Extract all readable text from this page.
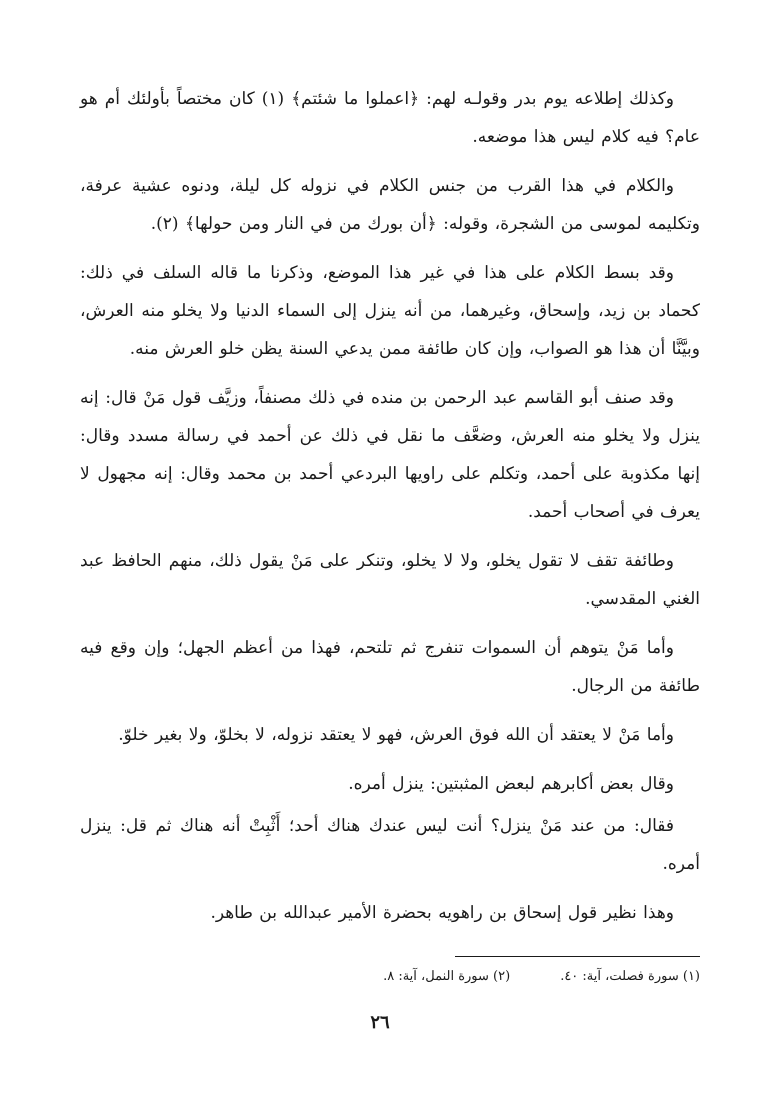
وكذلك إطلاعه يوم بدر وقولـه لهم: ﴿اعملوا ما شئتم﴾ (١) كان مختصاً بأولئك أم هو عام؟ فيه كلام ليس هذا موضعه.

والكلام في هذا القرب من جنس الكلام في نزوله كل ليلة، ودنوه عشية عرفة، وتكليمه لموسى من الشجرة، وقوله: ﴿أن بورك من في النار ومن حولها﴾ (٢).

وقد بسط الكلام على هذا في غير هذا الموضع، وذكرنا ما قاله السلف في ذلك: كحماد بن زيد، وإسحاق، وغيرهما، من أنه ينزل إلى السماء الدنيا ولا يخلو منه العرش، وبيَّنَّا أن هذا هو الصواب، وإن كان طائفة ممن يدعي السنة يظن خلو العرش منه.

وقد صنف أبو القاسم عبد الرحمن بن منده في ذلك مصنفاً، وزيَّف قول مَنْ قال: إنه ينزل ولا يخلو منه العرش، وضعَّف ما نقل في ذلك عن أحمد في رسالة مسدد وقال: إنها مكذوبة على أحمد، وتكلم على راويها البردعي أحمد بن محمد وقال: إنه مجهول لا يعرف في أصحاب أحمد.

وطائفة تقف لا تقول يخلو، ولا لا يخلو، وتنكر على مَنْ يقول ذلك، منهم الحافظ عبد الغني المقدسي.

وأما مَنْ يتوهم أن السموات تنفرج ثم تلتحم، فهذا من أعظم الجهل؛ وإن وقع فيه طائفة من الرجال.

وأما مَنْ لا يعتقد أن الله فوق العرش، فهو لا يعتقد نزوله، لا بخلوّ، ولا بغير خلوّ.

وقال بعض أكابرهم لبعض المثبتين: ينزل أمره.

فقال: من عند مَنْ ينزل؟ أنت ليس عندك هناك أحد؛ أَثْبِتْ أنه هناك ثم قل: ينزل أمره.

وهذا نظير قول إسحاق بن راهويه بحضرة الأمير عبدالله بن طاهر.

(١) سورة فصلت، آية: ٤٠.
(٢) سورة النمل، آية: ٨.
٢٦
